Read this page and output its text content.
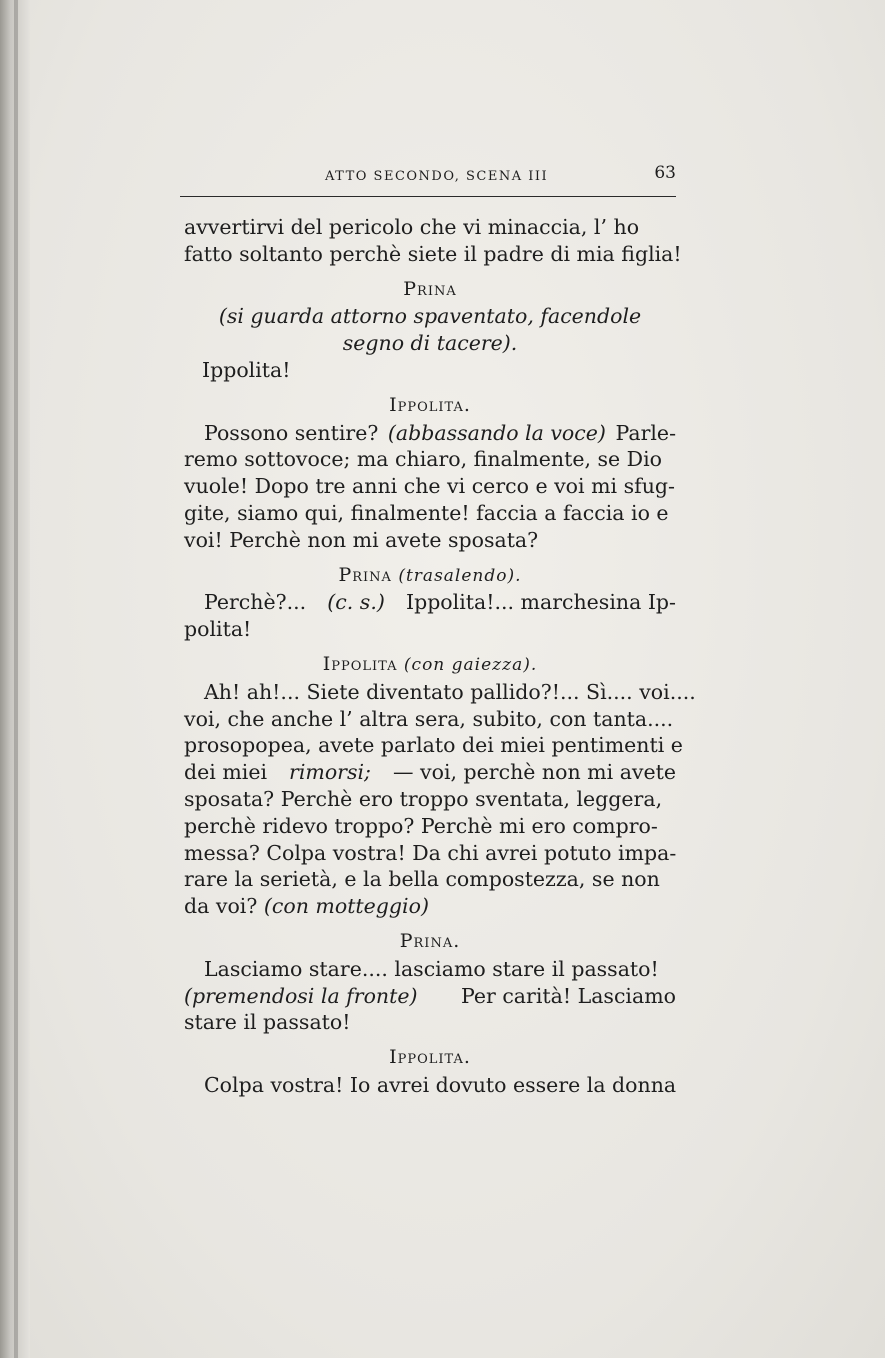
ATTO SECONDO, SCENA III	63
avvertirvi del pericolo che vi minaccia, l’ ho
fatto soltanto perchè siete il padre di mia figlia!
Prina
(si guarda attorno spaventato, facendole
segno di tacere).
Ippolita!
Ippolita.
Possono sentire? (abbassando la voce) Parle-
remo sottovoce; ma chiaro, finalmente, se Dio
vuole! Dopo tre anni che vi cerco e voi mi sfug-
gite, siamo qui, finalmente! faccia a faccia io e
voi! Perchè non mi avete sposata?
Prina (trasalendo).
Perchè?... (c. s.) Ippolita!... marchesina Ip-
polita!
Ippolita (con gaiezza).
Ah! ah!... Siete diventato pallido?!... Sì.... voi....
voi, che anche l’ altra sera, subito, con tanta....
prosopopea, avete parlato dei miei pentimenti e
dei miei rimorsi; — voi, perchè non mi avete
sposata? Perchè ero troppo sventata, leggera,
perchè ridevo troppo? Perchè mi ero compro-
messa? Colpa vostra! Da chi avrei potuto impa-
rare la serietà, e la bella compostezza, se non
da voi?
(con motteggio)
Prina.
Lasciamo stare.... lasciamo stare il passato!
(premendosi la fronte) Per carità! Lasciamo
stare il passato!
Ippolita.
Colpa vostra! Io avrei dovuto essere la donna
